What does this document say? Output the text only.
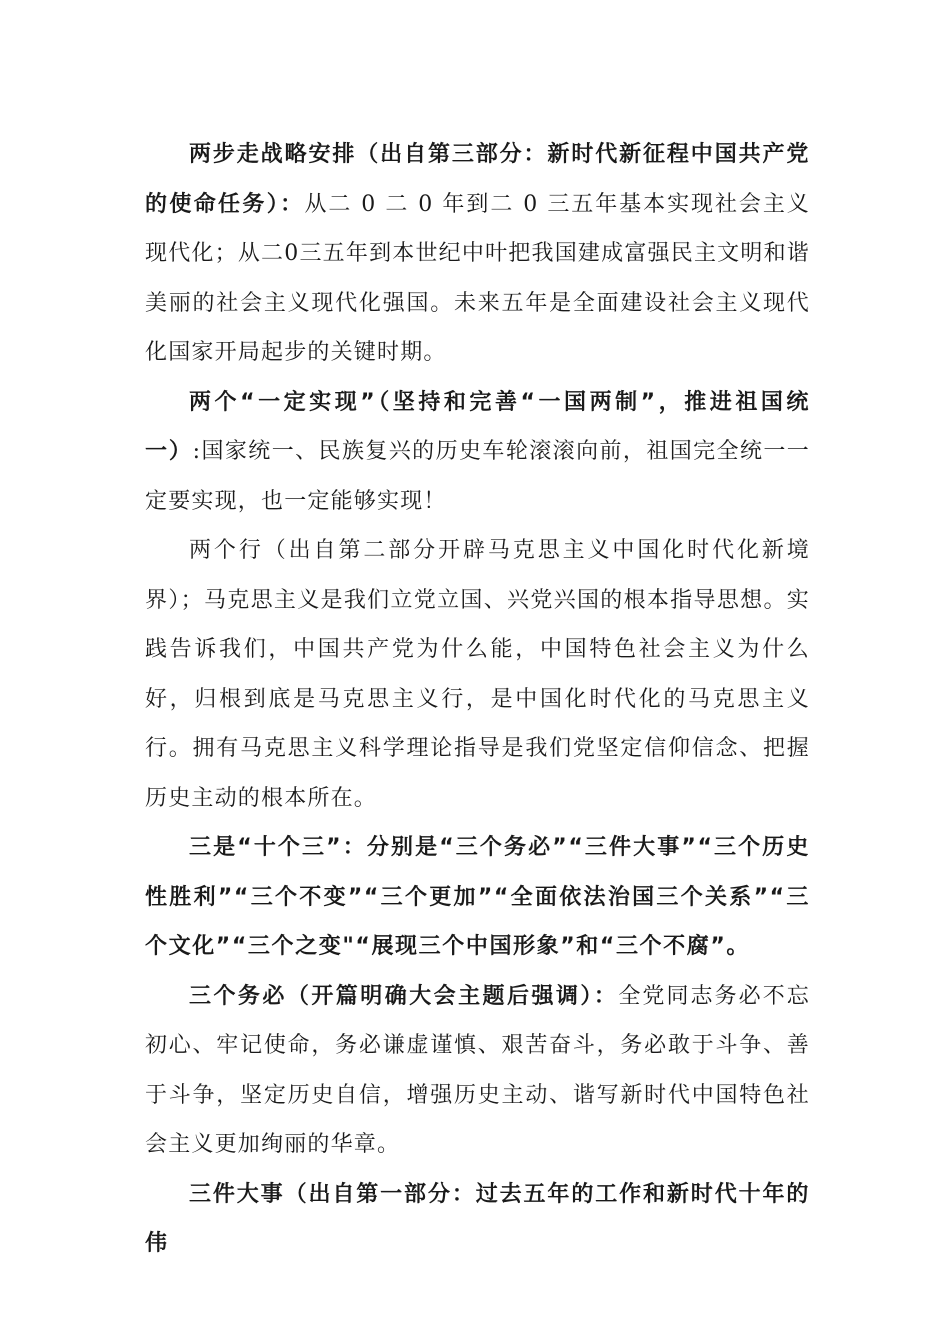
两步走战略安排（出自第三部分：新时代新征程中国共产党的使命任务）：从二 0 二 0 年到二 0 三五年基本实现社会主义现代化；从二0三五年到本世纪中叶把我国建成富强民主文明和谐美丽的社会主义现代化强国。未来五年是全面建设社会主义现代化国家开局起步的关键时期。

两个“一定实现”（坚持和完善“一国两制”，推进祖国统一）:国家统一、民族复兴的历史车轮滚滚向前，祖国完全统一一定要实现，也一定能够实现！

两个行（出自第二部分开辟马克思主义中国化时代化新境界）；马克思主义是我们立党立国、兴党兴国的根本指导思想。实践告诉我们，中国共产党为什么能，中国特色社会主义为什么好，归根到底是马克思主义行，是中国化时代化的马克思主义行。拥有马克思主义科学理论指导是我们党坚定信仰信念、把握历史主动的根本所在。

三是“十个三”：分别是“三个务必”“三件大事”“三个历史性胜利”“三个不变”“三个更加”“全面依法治国三个关系”“三个文化”“三个之变"“展现三个中国形象”和“三个不腐”。

三个务必（开篇明确大会主题后强调）：全党同志务必不忘初心、牢记使命，务必谦虚谨慎、艰苦奋斗，务必敢于斗争、善于斗争，坚定历史自信，增强历史主动、谐写新时代中国特色社会主义更加绚丽的华章。

三件大事（出自第一部分：过去五年的工作和新时代十年的伟
